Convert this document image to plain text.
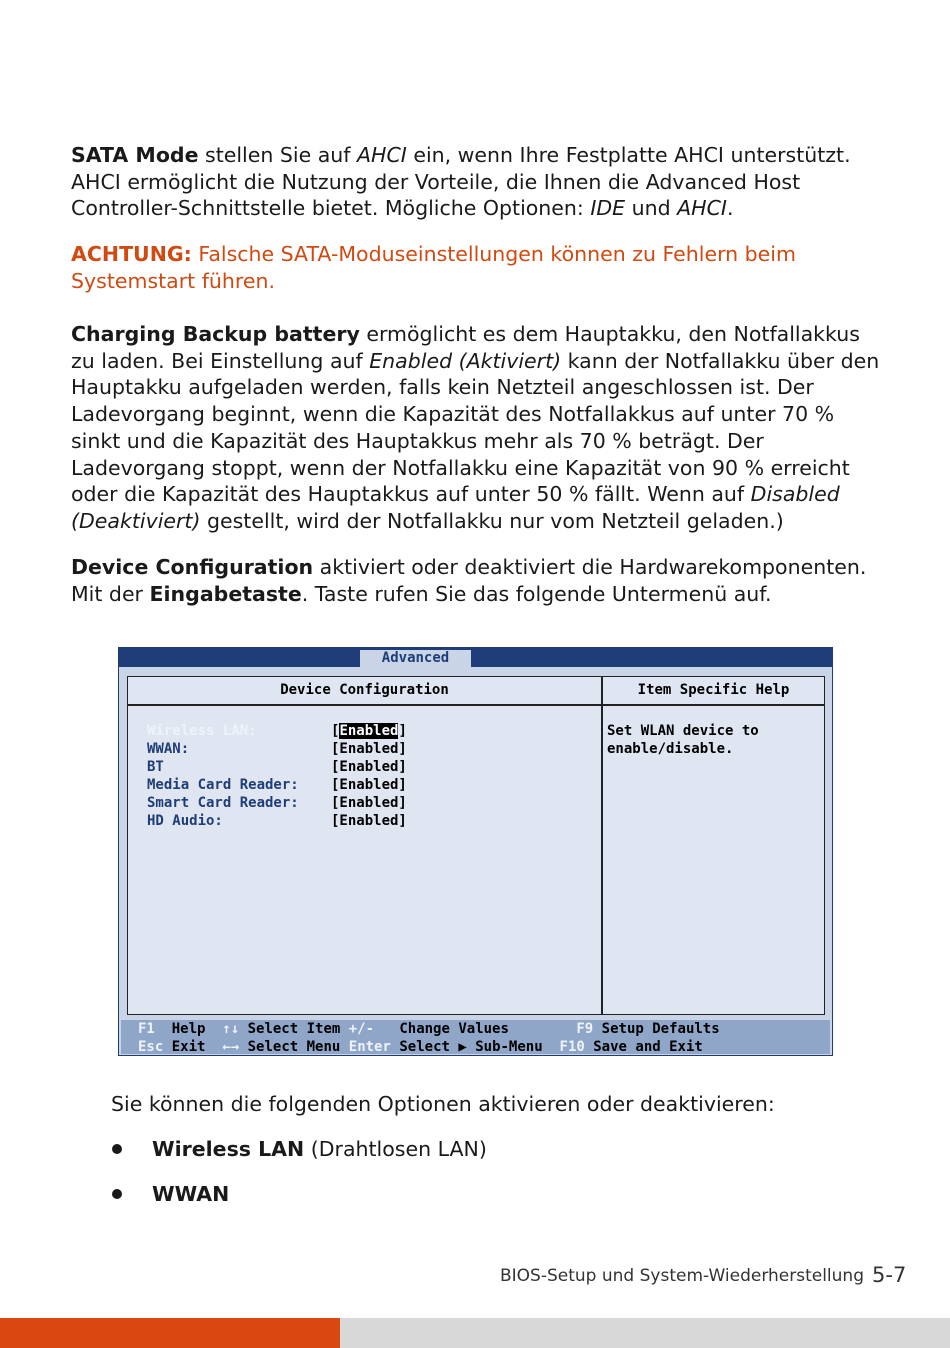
SATA Mode stellen Sie auf AHCI ein, wenn Ihre Festplatte AHCI unterstützt. AHCI ermöglicht die Nutzung der Vorteile, die Ihnen die Advanced Host Controller-Schnittstelle bietet. Mögliche Optionen: IDE und AHCI.

ACHTUNG: Falsche SATA-Moduseinstellungen können zu Fehlern beim Systemstart führen.

Charging Backup battery ermöglicht es dem Hauptakku, den Notfallakkus zu laden. Bei Einstellung auf Enabled (Aktiviert) kann der Notfallakku über den Hauptakku aufgeladen werden, falls kein Netzteil angeschlossen ist. Der Ladevorgang beginnt, wenn die Kapazität des Notfallakkus auf unter 70 % sinkt und die Kapazität des Hauptakkus mehr als 70 % beträgt. Der Ladevorgang stoppt, wenn der Notfallakku eine Kapazität von 90 % erreicht oder die Kapazität des Hauptakkus auf unter 50 % fällt. Wenn auf Disabled (Deaktiviert) gestellt, wird der Notfallakku nur vom Netzteil geladen.)

Device Configuration aktiviert oder deaktiviert die Hardwarekomponenten. Mit der Eingabetaste. Taste rufen Sie das folgende Untermenü auf.

Advanced
Device Configuration	Item Specific Help
Wireless LAN:	[Enabled]
WWAN:	[Enabled]
BT	[Enabled]
Media Card Reader: [Enabled]
Smart Card Reader: [Enabled]
HD Audio:	[Enabled]
Set WLAN device to enable/disable.
F1 Help ↑↓ Select Item +/- Change Values	F9 Setup Defaults
Esc Exit ←→ Select Menu Enter Select ▶ Sub-Menu F10 Save and Exit

Sie können die folgenden Optionen aktivieren oder deaktivieren:

Wireless LAN (Drahtlosen LAN)

WWAN

BIOS-Setup und System-Wiederherstellung 5-7
